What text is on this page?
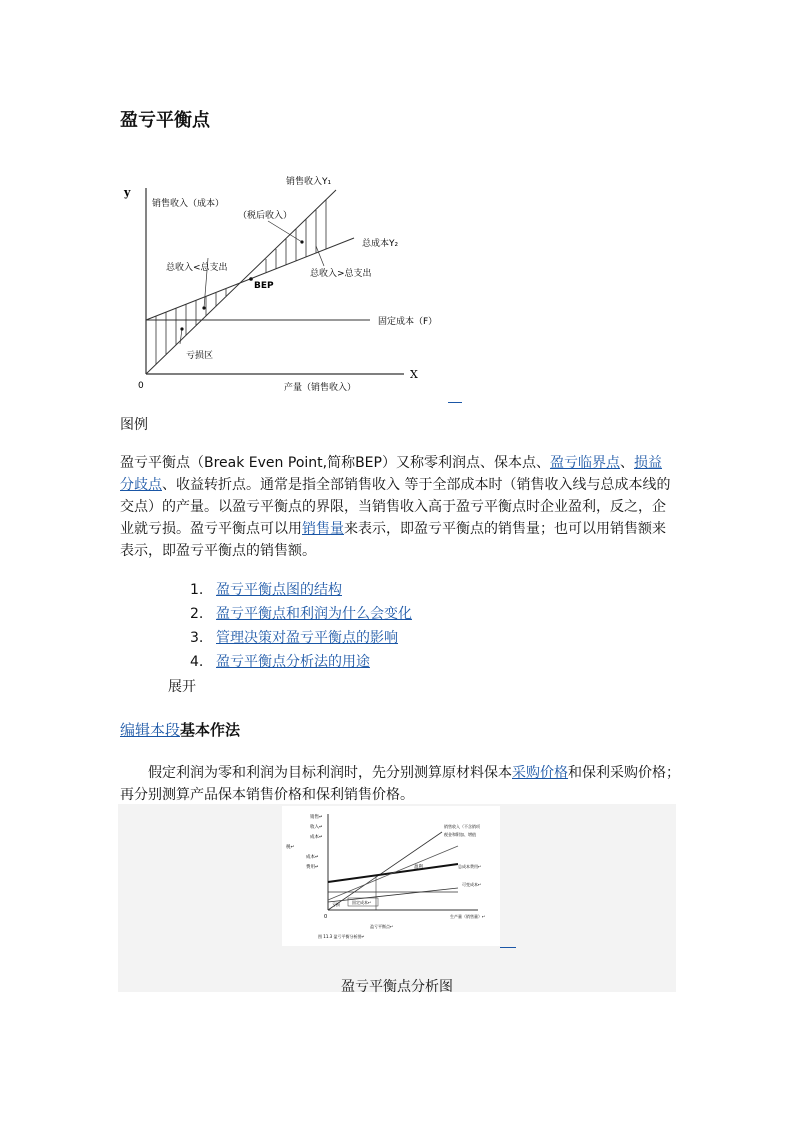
盈亏平衡点
y
X
0
销售收入Y₁
销售收入（成本）
（税后收入）
总成本Y₂
总收入<总支出
总收入>总支出
BEP
固定成本（F）
亏损区
产量（销售收入）
图例
盈亏平衡点（Break Even Point,简称BEP）又称零利润点、保本点、盈亏临界点、损益分歧点、收益转折点。通常是指全部销售收入 等于全部成本时（销售收入线与总成本线的交点）的产量。以盈亏平衡点的界限，当销售收入高于盈亏平衡点时企业盈利，反之，企业就亏损。盈亏平衡点可以用销售量来表示，即盈亏平衡点的销售量；也可以用销售额来表示，即盈亏平衡点的销售额。
1. 盈亏平衡点图的结构
2. 盈亏平衡点和利润为什么会变化
3. 管理决策对盈亏平衡点的影响
4. 盈亏平衡点分析法的用途
展开
编辑本段基本作法
假定利润为零和利润为目标利润时，先分别测算原材料保本采购价格和保利采购价格；再分别测算产品保本销售价格和保利销售价格。
销售↵
收入↵
成本↵
税↵
成本↵
费用↵
销售收入（不含销项
税金和附加、增值
盈利	总成本费用↵
可变成本↵
固定成本↵
亏损
0	生产量（销售量）↵
盈亏平衡点↵
图 11.3 盈亏平衡分析图↵
盈亏平衡点分析图
